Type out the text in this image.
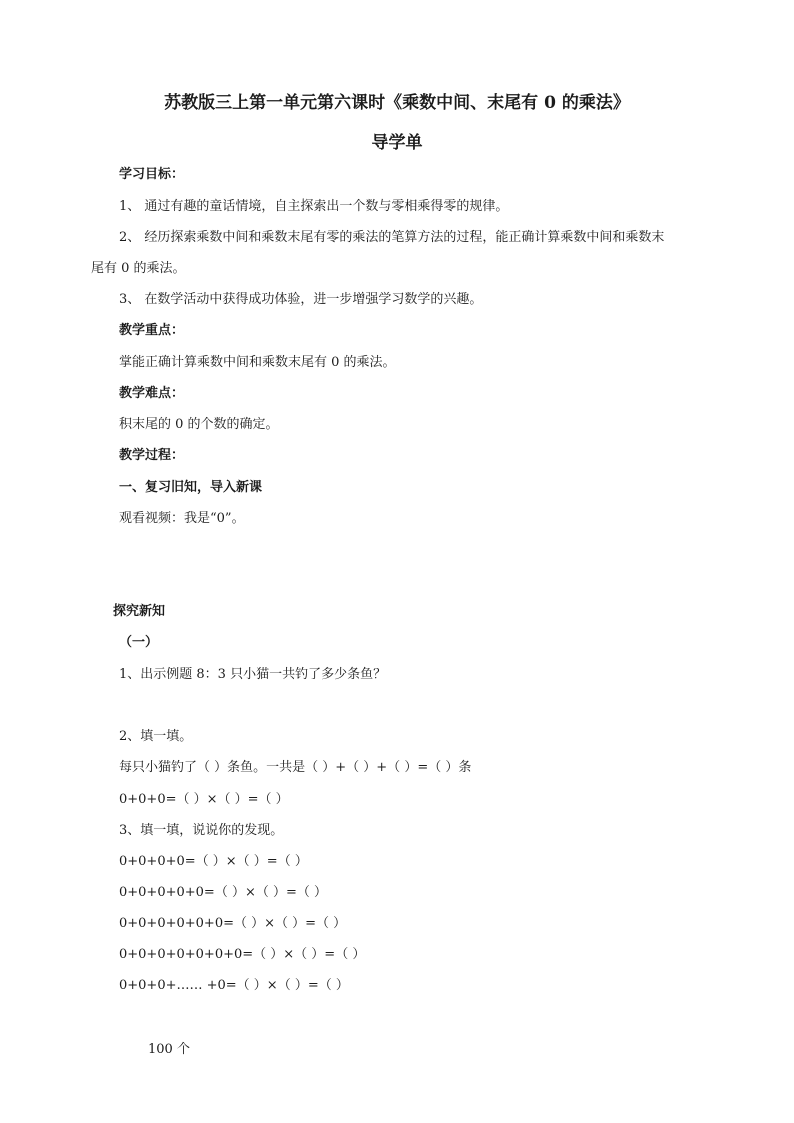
苏教版三上第一单元第六课时《乘数中间、末尾有 0 的乘法》
导学单
学习目标：
1、 通过有趣的童话情境，自主探索出一个数与零相乘得零的规律。
2、 经历探索乘数中间和乘数末尾有零的乘法的笔算方法的过程，能正确计算乘数中间和乘数末
尾有 0 的乘法。
3、 在数学活动中获得成功体验，进一步增强学习数学的兴趣。
教学重点：
掌能正确计算乘数中间和乘数末尾有 0 的乘法。
教学难点：
积末尾的 0 的个数的确定。
教学过程：
一、复习旧知，导入新课
观看视频：我是“0”。
探究新知
（一）
1、出示例题 8：3 只小猫一共钓了多少条鱼？
2、填一填。
每只小猫钓了（ ）条鱼。一共是（ ）+（ ）+（ ）=（ ）条
0+0+0=（ ）×（ ）=（ ）
3、填一填，说说你的发现。
0+0+0+0=（ ）×（ ）=（ ）
0+0+0+0+0=（ ）×（ ）=（ ）
0+0+0+0+0+0=（ ）×（ ）=（ ）
0+0+0+0+0+0+0=（ ）×（ ）=（ ）
0+0+0+…… +0=（ ）×（ ）=（ ）
100 个
